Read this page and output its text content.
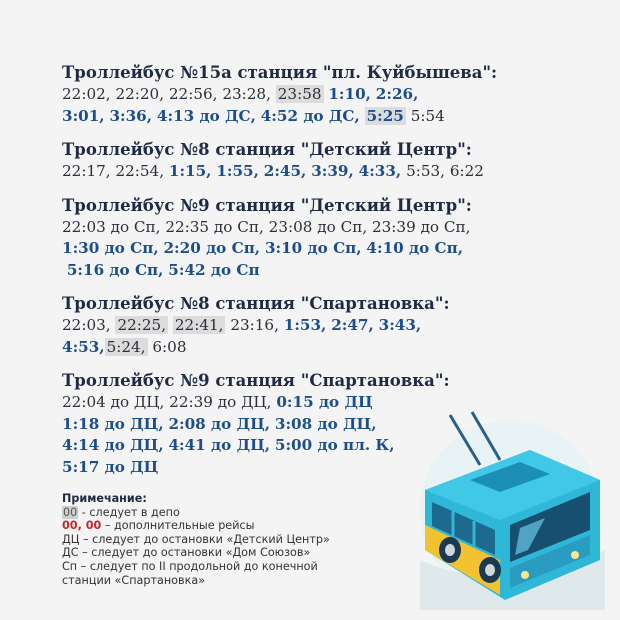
Троллейбус №15а станция "пл. Куйбышева":
22:02, 22:20, 22:56, 23:28, 23:58 1:10, 2:26,
3:01, 3:36, 4:13 до ДС, 4:52 до ДС, 5:25 5:54
Троллейбус №8 станция "Детский Центр":
22:17, 22:54, 1:15, 1:55, 2:45, 3:39, 4:33, 5:53, 6:22
Троллейбус №9 станция "Детский Центр":
22:03 до Сп, 22:35 до Сп, 23:08 до Сп, 23:39 до Сп,
1:30 до Сп, 2:20 до Сп, 3:10 до Сп, 4:10 до Сп,
5:16 до Сп, 5:42 до Сп
Троллейбус №8 станция "Спартановка":
22:03, 22:25, 22:41, 23:16, 1:53, 2:47, 3:43,
4:53, 5:24, 6:08
Троллейбус №9 станция "Спартановка":
22:04 до ДЦ, 22:39 до ДЦ, 0:15 до ДЦ
1:18 до ДЦ, 2:08 до ДЦ, 3:08 до ДЦ,
4:14 до ДЦ, 4:41 до ДЦ, 5:00 до пл. К,
5:17 до ДЦ
Примечание:
00 - следует в депо
00, 00 – дополнительные рейсы
ДЦ – следует до остановки «Детский Центр»
ДС – следует до остановки «Дом Союзов»
Сп – следует по II продольной до конечной
станции «Спартановка»
